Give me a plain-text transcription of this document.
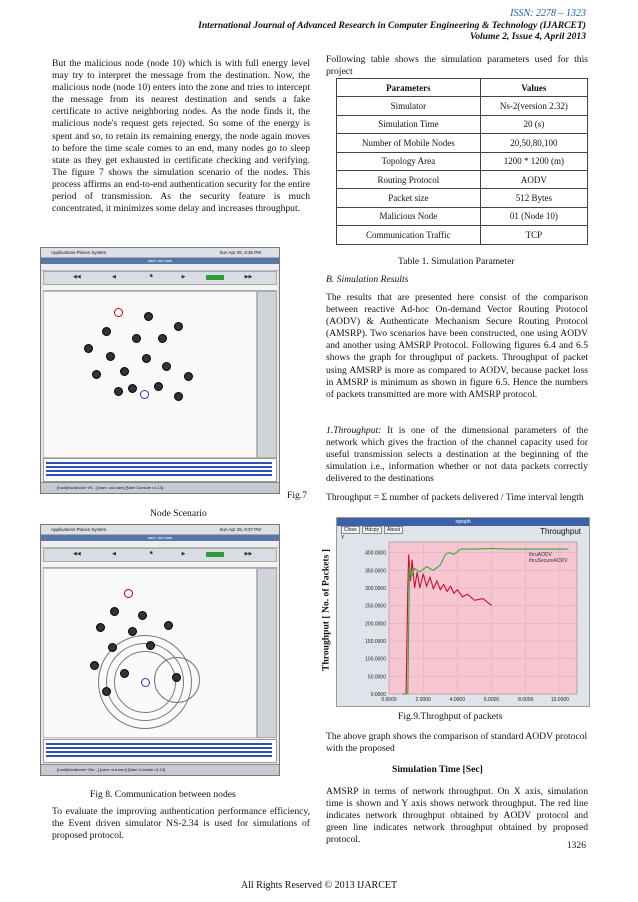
ISSN: 2278 – 1323
International Journal of Advanced Research in Computer Engineering & Technology (IJARCET)
Volume 2, Issue 4, April 2013
But the malicious node (node 10) which is with full energy level may try to interpret the message from the destination. Now, the malicious node (node 10) enters into the zone and tries to intercept the message from its nearest destination and sends a fake certificate to active neighboring nodes. As the node finds it, the malicious node's request gets rejected. So some of the energy is spent and so, to retain its remaining energy, the node again moves to before the time scale comes to an end, many nodes go to sleep state as they get exhausted in certificate checking and verifying. The figure 7 shows the simulation scenario of the nodes. This process affirms an end-to-end authentication security for the entire period of transmission. As the security feature is much concentrated, it minimizes some delay and increases throughput.
Applications Places System	Sun Apr 25, 9:35 PM
nam: out.nam
◀◀	◀	■	▶	▶▶
[root@localhost:~/N...] [nam: out.nam] [Nam Console v1.13]
Fig.7
Node Scenario
Applications Places System	Sun Apr 25, 9:37 PM
nam: out.nam
◀◀	◀	■	▶	▶▶
[root@localhost:~/Ne...] [nam: out.nam] [Nam Console v1.13]
Fig 8. Communication between nodes
To evaluate the improving authentication performance efficiency, the Event driven simulator NS-2.34 is used for simulations of proposed protocol.
Following table shows the simulation parameters used for this project
Parameters	Values
Simulator	Ns-2(version 2.32)
Simulation Time	20 (s)
Number of Mobile Nodes	20,50,80,100
Topology Area	1200 * 1200 (m)
Routing Protocol	AODV
Packet size	512 Bytes
Malicious Node	01 (Node 10)
Communication Traffic	TCP
Table 1. Simulation Parameter
B. Simulation Results
The results that are presented here consist of the comparison between reactive Ad-hoc On-demand Vector Routing Protocol (AODV) & Authenticate Mechanism Secure Routing Protocol (AMSRP). Two scenarios have been constructed, one using AODV and another using AMSRP Protocol. Following figures 6.4 and 6.5 shows the graph for throughput of packets. Throughput of packet using AMSRP is more as compared to AODV, because packet loss in AMSRP is minimum as shown in figure 6.5. Hence the numbers of packets transmitted are more with AMSRP protocol.
1.Throughput: It is one of the dimensional parameters of the network which gives the fraction of the channel capacity used for useful transmission selects a destination at the beginning of the simulation i.e., information whether or not data packets correctly delivered to the destinations
Throughput = Σ number of packets delivered / Time interval length
xgraph
Close Hdcpy About	Throughput
Y
0.0000
50.0000
100.0000
150.0000
200.0000
250.0000
300.0000
350.0000
400.0000
0.0000	2.0000	4.0000	6.0000	8.0000	10.0000
thruAODV
thruSecureAODV
Throughput [ No. of Packets ]
Fig.9.Throghput of packets
The above graph shows the comparison of standard AODV protocol with the proposed
Simulation Time [Sec]
AMSRP in terms of network throughput. On X axis, simulation time is shown and Y axis shows network throughput. The red line indicates network throughput obtained by AODV protocol and green line indicates network throughput obtained by proposed protocol.
1326
All Rights Reserved © 2013 IJARCET
